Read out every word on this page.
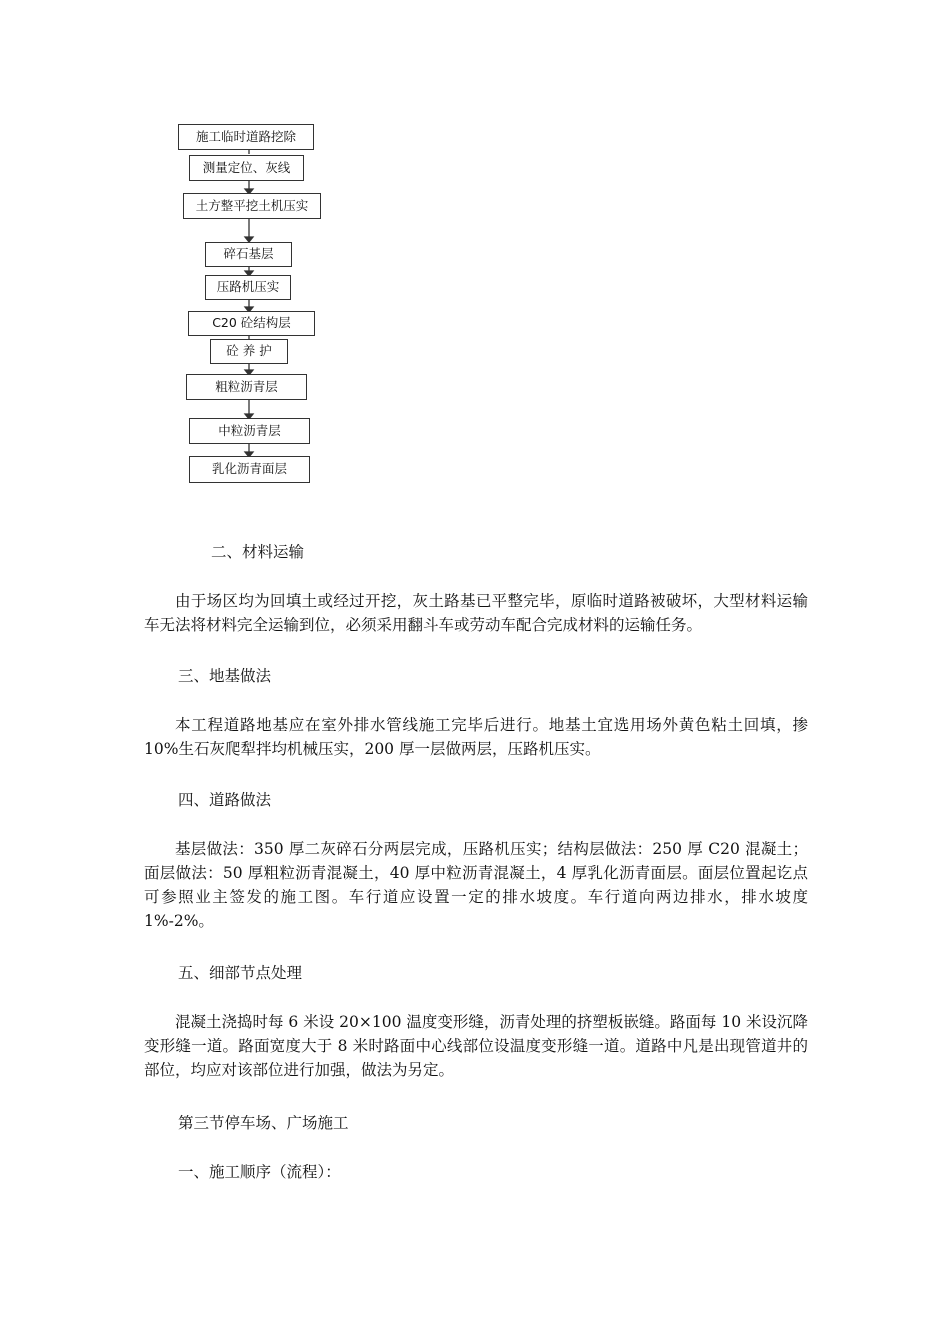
施工临时道路挖除
测量定位、灰线
土方整平挖土机压实
碎石基层
压路机压实
C20 砼结构层
砼 养 护
粗粒沥青层
中粒沥青层
乳化沥青面层
二、材料运输
由于场区均为回填土或经过开挖，灰土路基已平整完毕，原临时道路被破坏，大型材料运输车无法将材料完全运输到位，必须采用翻斗车或劳动车配合完成材料的运输任务。
三、地基做法
本工程道路地基应在室外排水管线施工完毕后进行。地基土宜选用场外黄色粘土回填，掺 10%生石灰爬犁拌均机械压实，200 厚一层做两层，压路机压实。
四、道路做法
基层做法：350 厚二灰碎石分两层完成，压路机压实；结构层做法：250 厚 C20 混凝土；面层做法：50 厚粗粒沥青混凝土，40 厚中粒沥青混凝土，4 厚乳化沥青面层。面层位置起讫点可参照业主签发的施工图。车行道应设置一定的排水坡度。车行道向两边排水，排水坡度 1%-2%。
五、细部节点处理
混凝土浇捣时每 6 米设 20×100 温度变形缝，沥青处理的挤塑板嵌缝。路面每 10 米设沉降变形缝一道。路面宽度大于 8 米时路面中心线部位设温度变形缝一道。道路中凡是出现管道井的部位，均应对该部位进行加强，做法为另定。
第三节停车场、广场施工
一、施工顺序（流程）：
